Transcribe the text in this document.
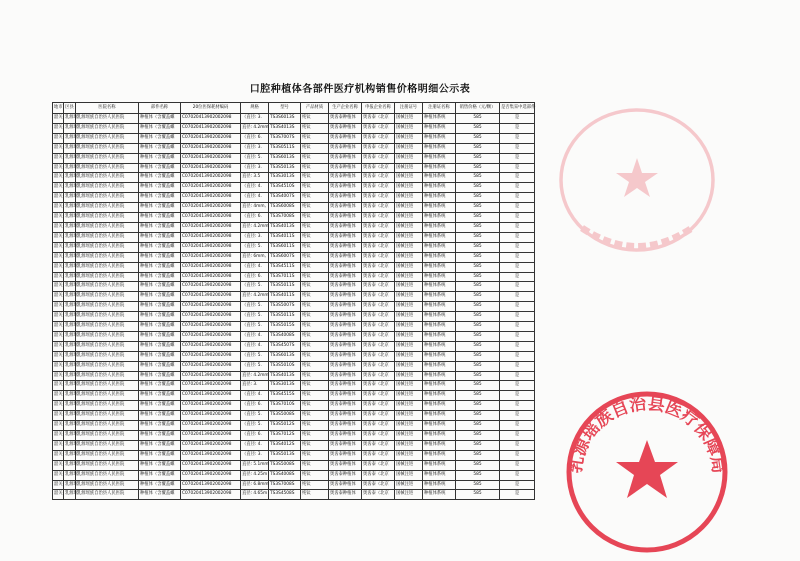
口腔种植体各部件医疗机构销售价格明细公示表
地市	区县	医院名称	部件名称	20位医保耗材编码	规格	型号	产品材质	生产企业名称	申报企业名称	注册证号	注册证名称	销售价格（元/颗）	是否集采中选部件
韶关	乳源瑶	乳源瑶族自治县人民医院	种植体（含覆盖螺	C07020413902002098	（直径: 3.	TS3S6013S	纯钛	奥齿泰种植体	奥齿泰（北京	国械注进	种植体系统	585	是
韶关	乳源瑶	乳源瑶族自治县人民医院	种植体（含覆盖螺	C07020413902002098	直径: 4.2mm	TS3S4013S	纯钛	奥齿泰种植体	奥齿泰（北京	国械注进	种植体系统	585	是
韶关	乳源瑶	乳源瑶族自治县人民医院	种植体（含覆盖螺	C07020413902002098	（直径: 6.	TS3S7007S	纯钛	奥齿泰种植体	奥齿泰（北京	国械注进	种植体系统	585	是
韶关	乳源瑶	乳源瑶族自治县人民医院	种植体（含覆盖螺	C07020413902002098	（直径: 3.	TS3S0511S	纯钛	奥齿泰种植体	奥齿泰（北京	国械注进	种植体系统	585	是
韶关	乳源瑶	乳源瑶族自治县人民医院	种植体（含覆盖螺	C07020413902002098	（直径: 5.	TS3S6013S	纯钛	奥齿泰种植体	奥齿泰（北京	国械注进	种植体系统	585	是
韶关	乳源瑶	乳源瑶族自治县人民医院	种植体（含覆盖螺	C07020413902002098	（直径: 3.	TS3S5013S	纯钛	奥齿泰种植体	奥齿泰（北京	国械注进	种植体系统	585	是
韶关	乳源瑶	乳源瑶族自治县人民医院	种植体（含覆盖螺	C07020413902002098	直径: 3.5	TS3S3013S	纯钛	奥齿泰种植体	奥齿泰（北京	国械注进	种植体系统	585	是
韶关	乳源瑶	乳源瑶族自治县人民医院	种植体（含覆盖螺	C07020413902002098	（直径: 4.	TS3S4510S	纯钛	奥齿泰种植体	奥齿泰（北京	国械注进	种植体系统	585	是
韶关	乳源瑶	乳源瑶族自治县人民医院	种植体（含覆盖螺	C07020413902002098	（直径: 4.	TS3S4007S	纯钛	奥齿泰种植体	奥齿泰（北京	国械注进	种植体系统	585	是
韶关	乳源瑶	乳源瑶族自治县人民医院	种植体（含覆盖螺	C07020413902002098	直径: 4mm,	TS3S6008S	纯钛	奥齿泰种植体	奥齿泰（北京	国械注进	种植体系统	585	是
韶关	乳源瑶	乳源瑶族自治县人民医院	种植体（含覆盖螺	C07020413902002098	（直径: 6.	TS3S7008S	纯钛	奥齿泰种植体	奥齿泰（北京	国械注进	种植体系统	585	是
韶关	乳源瑶	乳源瑶族自治县人民医院	种植体（含覆盖螺	C07020413902002098	直径: 4.2mm	TS3S4013S	纯钛	奥齿泰种植体	奥齿泰（北京	国械注进	种植体系统	585	是
韶关	乳源瑶	乳源瑶族自治县人民医院	种植体（含覆盖螺	C07020413902002098	（直径: 3.	TS3S4011S	纯钛	奥齿泰种植体	奥齿泰（北京	国械注进	种植体系统	585	是
韶关	乳源瑶	乳源瑶族自治县人民医院	种植体（含覆盖螺	C07020413902002098	（直径: 5.	TS3S6011S	纯钛	奥齿泰种植体	奥齿泰（北京	国械注进	种植体系统	585	是
韶关	乳源瑶	乳源瑶族自治县人民医院	种植体（含覆盖螺	C07020413902002098	直径: 6mm,	TS3S6007S	纯钛	奥齿泰种植体	奥齿泰（北京	国械注进	种植体系统	585	是
韶关	乳源瑶	乳源瑶族自治县人民医院	种植体（含覆盖螺	C07020413902002098	（直径: 4.	TS3S4511S	纯钛	奥齿泰种植体	奥齿泰（北京	国械注进	种植体系统	585	是
韶关	乳源瑶	乳源瑶族自治县人民医院	种植体（含覆盖螺	C07020413902002098	（直径: 6.	TS3S7011S	纯钛	奥齿泰种植体	奥齿泰（北京	国械注进	种植体系统	585	是
韶关	乳源瑶	乳源瑶族自治县人民医院	种植体（含覆盖螺	C07020413902002098	（直径: 5.	TS3S5011S	纯钛	奥齿泰种植体	奥齿泰（北京	国械注进	种植体系统	585	是
韶关	乳源瑶	乳源瑶族自治县人民医院	种植体（含覆盖螺	C07020413902002098	直径: 4.2mm	TS3S4011S	纯钛	奥齿泰种植体	奥齿泰（北京	国械注进	种植体系统	585	是
韶关	乳源瑶	乳源瑶族自治县人民医院	种植体（含覆盖螺	C07020413902002098	（直径: 5.	TS3S5007S	纯钛	奥齿泰种植体	奥齿泰（北京	国械注进	种植体系统	585	是
韶关	乳源瑶	乳源瑶族自治县人民医院	种植体（含覆盖螺	C07020413902002098	（直径: 5.	TS3S5011S	纯钛	奥齿泰种植体	奥齿泰（北京	国械注进	种植体系统	585	是
韶关	乳源瑶	乳源瑶族自治县人民医院	种植体（含覆盖螺	C07020413902002098	（直径: 5.	TS3S5015S	纯钛	奥齿泰种植体	奥齿泰（北京	国械注进	种植体系统	585	是
韶关	乳源瑶	乳源瑶族自治县人民医院	种植体（含覆盖螺	C07020413902002098	（直径: 4.	TS3S4008S	纯钛	奥齿泰种植体	奥齿泰（北京	国械注进	种植体系统	585	是
韶关	乳源瑶	乳源瑶族自治县人民医院	种植体（含覆盖螺	C07020413902002098	（直径: 4.	TS3S4507S	纯钛	奥齿泰种植体	奥齿泰（北京	国械注进	种植体系统	585	是
韶关	乳源瑶	乳源瑶族自治县人民医院	种植体（含覆盖螺	C07020413902002098	（直径: 5.	TS3S6013S	纯钛	奥齿泰种植体	奥齿泰（北京	国械注进	种植体系统	585	是
韶关	乳源瑶	乳源瑶族自治县人民医院	种植体（含覆盖螺	C07020413902002098	（直径: 5.	TS3S5010S	纯钛	奥齿泰种植体	奥齿泰（北京	国械注进	种植体系统	585	是
韶关	乳源瑶	乳源瑶族自治县人民医院	种植体（含覆盖螺	C07020413902002098	直径: 4.2mm	TS3S4013S	纯钛	奥齿泰种植体	奥齿泰（北京	国械注进	种植体系统	585	是
韶关	乳源瑶	乳源瑶族自治县人民医院	种植体（含覆盖螺	C07020413902002098	直径: 3.	TS3S3013S	纯钛	奥齿泰种植体	奥齿泰（北京	国械注进	种植体系统	585	是
韶关	乳源瑶	乳源瑶族自治县人民医院	种植体（含覆盖螺	C07020413902002098	（直径: 4.	TS3S4515S	纯钛	奥齿泰种植体	奥齿泰（北京	国械注进	种植体系统	585	是
韶关	乳源瑶	乳源瑶族自治县人民医院	种植体（含覆盖螺	C07020413902002098	（直径: 6.	TS3S7010S	纯钛	奥齿泰种植体	奥齿泰（北京	国械注进	种植体系统	585	是
韶关	乳源瑶	乳源瑶族自治县人民医院	种植体（含覆盖螺	C07020413902002098	（直径: 5.	TS3S5008S	纯钛	奥齿泰种植体	奥齿泰（北京	国械注进	种植体系统	585	是
韶关	乳源瑶	乳源瑶族自治县人民医院	种植体（含覆盖螺	C07020413902002098	（直径: 5.	TS3S5012S	纯钛	奥齿泰种植体	奥齿泰（北京	国械注进	种植体系统	585	是
韶关	乳源瑶	乳源瑶族自治县人民医院	种植体（含覆盖螺	C07020413902002098	（直径: 6.	TS3S7012S	纯钛	奥齿泰种植体	奥齿泰（北京	国械注进	种植体系统	585	是
韶关	乳源瑶	乳源瑶族自治县人民医院	种植体（含覆盖螺	C07020413902002098	（直径: 4.	TS3S4012S	纯钛	奥齿泰种植体	奥齿泰（北京	国械注进	种植体系统	585	是
韶关	乳源瑶	乳源瑶族自治县人民医院	种植体（含覆盖螺	C07020413902002098	（直径: 3.	TS3S5013S	纯钛	奥齿泰种植体	奥齿泰（北京	国械注进	种植体系统	585	是
韶关	乳源瑶	乳源瑶族自治县人民医院	种植体（含覆盖螺	C07020413902002098	直径: 5.1mm	TS3S5008S	纯钛	奥齿泰种植体	奥齿泰（北京	国械注进	种植体系统	585	是
韶关	乳源瑶	乳源瑶族自治县人民医院	种植体（含覆盖螺	C07020413902002098	直径: 4.25m	TS3S4008S	纯钛	奥齿泰种植体	奥齿泰（北京	国械注进	种植体系统	585	是
韶关	乳源瑶	乳源瑶族自治县人民医院	种植体（含覆盖螺	C07020413902002098	直径: 6.8mm	TS3S7008S	纯钛	奥齿泰种植体	奥齿泰（北京	国械注进	种植体系统	585	是
韶关	乳源瑶	乳源瑶族自治县人民医院	种植体（含覆盖螺	C07020413902002098	直径: 4.65m	TS3S4508S	纯钛	奥齿泰种植体	奥齿泰（北京	国械注进	种植体系统	585	是
乳源瑶族自治县医疗保障局
